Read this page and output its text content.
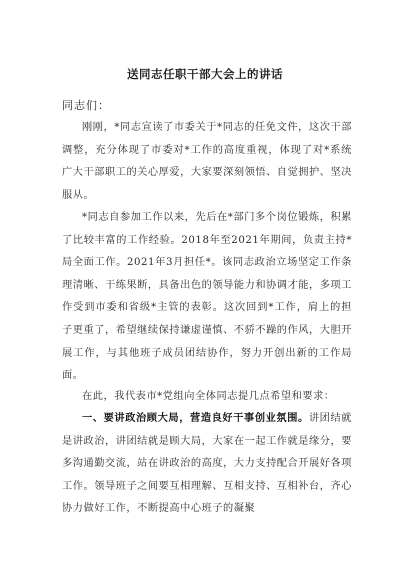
送同志任职干部大会上的讲话
同志们：

刚刚，*同志宣读了市委关于*同志的任免文件，这次干部调整，充分体现了市委对*工作的高度重视，体现了对*系统广大干部职工的关心厚爱，大家要深刻领悟、自觉拥护、坚决服从。

*同志自参加工作以来，先后在*部门多个岗位锻炼，积累了比较丰富的工作经验。2018年至2021年期间，负责主持*局全面工作。2021年3月担任*。该同志政治立场坚定工作条理清晰、干练果断，具备出色的领导能力和协调才能，多项工作受到市委和省级*主管的表彰。这次回到*工作，肩上的担子更重了，希望继续保持谦虚谨慎、不骄不躁的作风，大胆开展工作，与其他班子成员团结协作，努力开创出新的工作局面。

在此，我代表市*党组向全体同志提几点希望和要求：

一、要讲政治顾大局，营造良好干事创业氛围。讲团结就是讲政治，讲团结就是顾大局，大家在一起工作就是缘分，要多沟通勤交流，站在讲政治的高度，大力支持配合开展好各项工作。领导班子之间要互相理解、互相支持、互相补台，齐心协力做好工作，不断提高中心班子的凝聚
